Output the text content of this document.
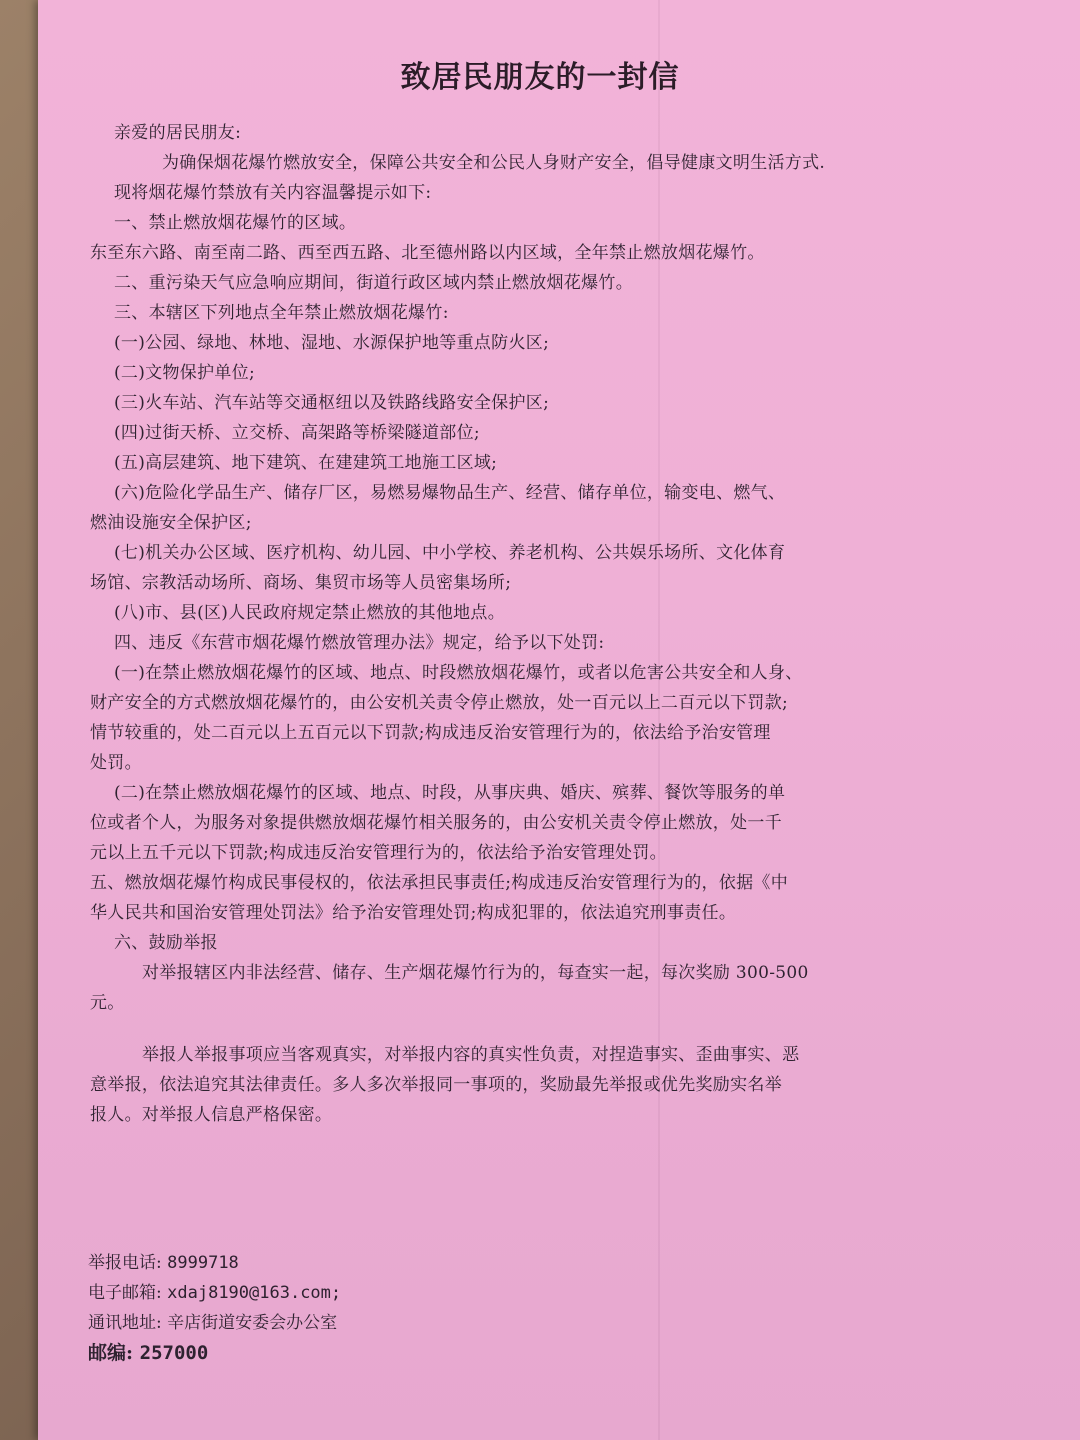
致居民朋友的一封信

亲爱的居民朋友:

为确保烟花爆竹燃放安全，保障公共安全和公民人身财产安全，倡导健康文明生活方式.

现将烟花爆竹禁放有关内容温馨提示如下:

一、禁止燃放烟花爆竹的区域。

东至东六路、南至南二路、西至西五路、北至德州路以内区域，全年禁止燃放烟花爆竹。

二、重污染天气应急响应期间，街道行政区域内禁止燃放烟花爆竹。

三、本辖区下列地点全年禁止燃放烟花爆竹:

(一)公园、绿地、林地、湿地、水源保护地等重点防火区;

(二)文物保护单位;

(三)火车站、汽车站等交通枢纽以及铁路线路安全保护区;

(四)过街天桥、立交桥、高架路等桥梁隧道部位;

(五)高层建筑、地下建筑、在建建筑工地施工区域;

(六)危险化学品生产、储存厂区，易燃易爆物品生产、经营、储存单位，输变电、燃气、

燃油设施安全保护区;

(七)机关办公区域、医疗机构、幼儿园、中小学校、养老机构、公共娱乐场所、文化体育

场馆、宗教活动场所、商场、集贸市场等人员密集场所;

(八)市、县(区)人民政府规定禁止燃放的其他地点。

四、违反《东营市烟花爆竹燃放管理办法》规定，给予以下处罚:

(一)在禁止燃放烟花爆竹的区域、地点、时段燃放烟花爆竹，或者以危害公共安全和人身、

财产安全的方式燃放烟花爆竹的，由公安机关责令停止燃放，处一百元以上二百元以下罚款;

情节较重的，处二百元以上五百元以下罚款;构成违反治安管理行为的，依法给予治安管理

处罚。

(二)在禁止燃放烟花爆竹的区域、地点、时段，从事庆典、婚庆、殡葬、餐饮等服务的单

位或者个人，为服务对象提供燃放烟花爆竹相关服务的，由公安机关责令停止燃放，处一千

元以上五千元以下罚款;构成违反治安管理行为的，依法给予治安管理处罚。

五、燃放烟花爆竹构成民事侵权的，依法承担民事责任;构成违反治安管理行为的，依据《中

华人民共和国治安管理处罚法》给予治安管理处罚;构成犯罪的，依法追究刑事责任。

六、鼓励举报

对举报辖区内非法经营、储存、生产烟花爆竹行为的，每查实一起，每次奖励 300-500

元。

举报人举报事项应当客观真实，对举报内容的真实性负责，对捏造事实、歪曲事实、恶

意举报，依法追究其法律责任。多人多次举报同一事项的，奖励最先举报或优先奖励实名举

报人。对举报人信息严格保密。

举报电话: 8999718

电子邮箱: xdaj8190@163.com;

通讯地址: 辛店街道安委会办公室

邮编: 257000
